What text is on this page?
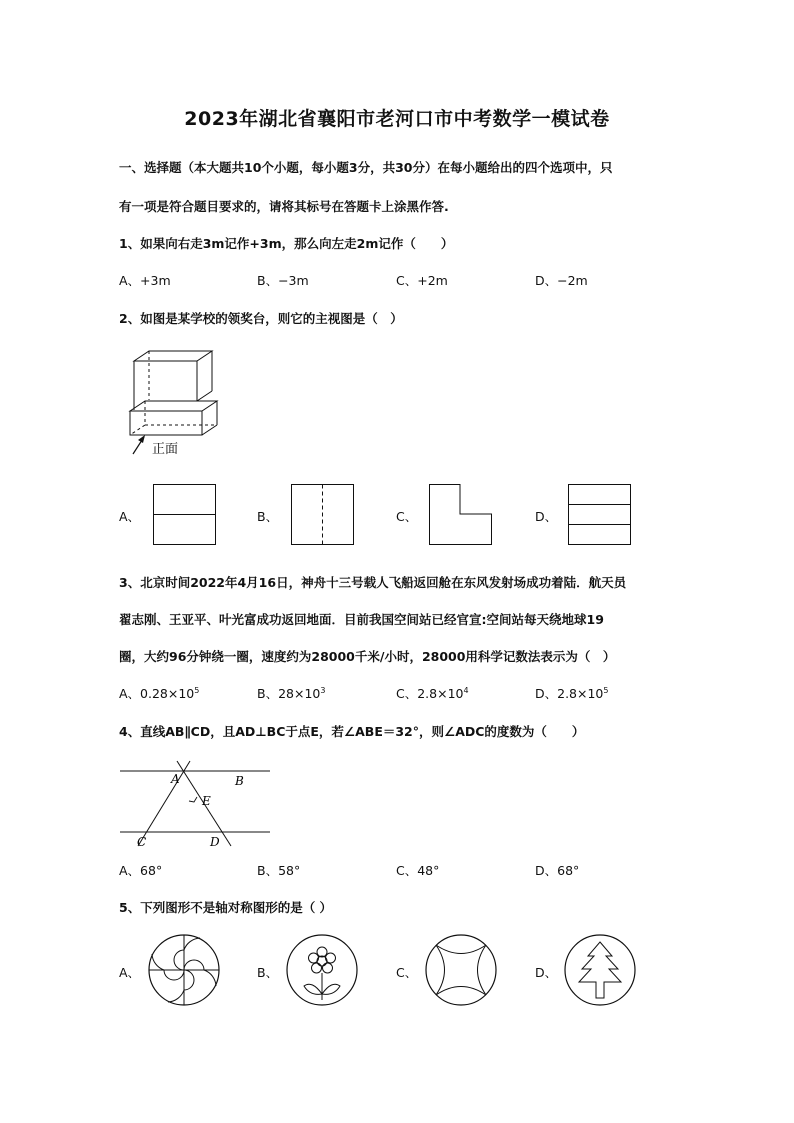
2023年湖北省襄阳市老河口市中考数学一模试卷
一、选择题（本大题共10个小题，每小题3分，共30分）在每小题给出的四个选项中，只
有一项是符合题目要求的，请将其标号在答题卡上涂黑作答.
1、如果向右走3m记作+3m，那么向左走2m记作（　　）
A、+3m	B、−3m	C、+2m	D、−2m
2、如图是某学校的领奖台，则它的主视图是（　）
正面
A、	B、	C、	D、
3、北京时间2022年4月16日，神舟十三号载人飞船返回舱在东风发射场成功着陆．航天员
翟志刚、王亚平、叶光富成功返回地面．目前我国空间站已经官宣:空间站每天绕地球19
圈，大约96分钟绕一圈，速度约为28000千米/小时，28000用科学记数法表示为（　）
A、$0.28\times 10^5$	B、$28\times 10^3$	C、$2.8\times 10^4$	D、$2.8\times 10^5$
4、直线AB∥CD，且AD⊥BC于点E，若∠ABE＝32°，则∠ADC的度数为（　　）
A	B
E
C	D
A、68°	B、58°	C、48°	D、68°
5、下列图形不是轴对称图形的是（ ）
A、	B、	C、	D、
